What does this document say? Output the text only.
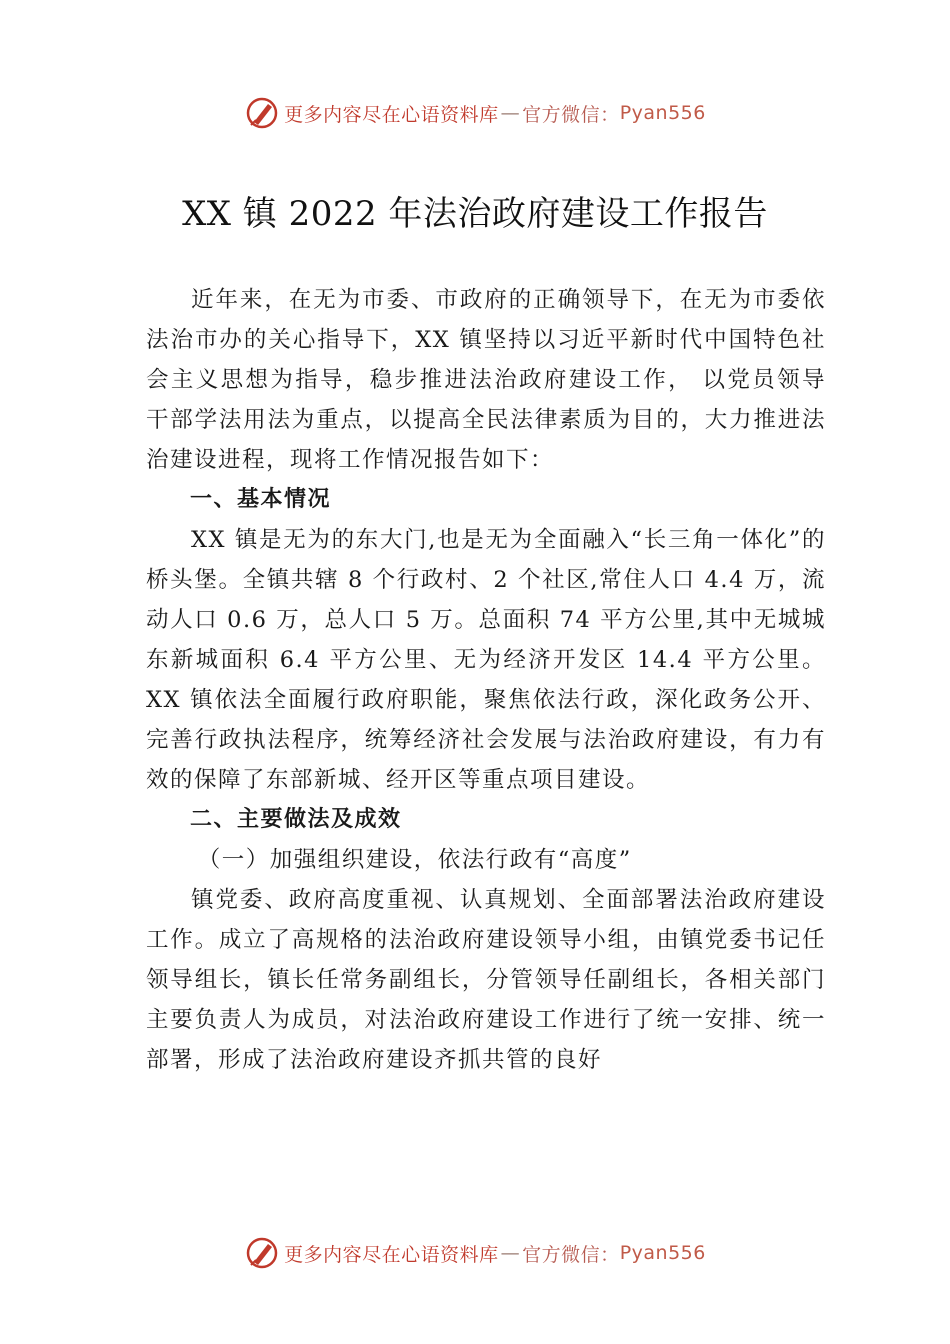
更多内容尽在心语资料库 — 官方微信： Pyan556
XX 镇 2022 年法治政府建设工作报告

近年来，在无为市委、市政府的正确领导下，在无为市委依法治市办的关心指导下，XX 镇坚持以习近平新时代中国特色社会主义思想为指导，稳步推进法治政府建设工作， 以党员领导干部学法用法为重点，以提高全民法律素质为目的，大力推进法治建设进程，现将工作情况报告如下：

一、基本情况

XX 镇是无为的东大门,也是无为全面融入“长三角一体化”的桥头堡。全镇共辖 8 个行政村、2 个社区,常住人口 4.4 万，流动人口 0.6 万，总人口 5 万。总面积 74 平方公里,其中无城城东新城面积 6.4 平方公里、无为经济开发区 14.4 平方公里。XX 镇依法全面履行政府职能，聚焦依法行政，深化政务公开、完善行政执法程序，统筹经济社会发展与法治政府建设，有力有效的保障了东部新城、经开区等重点项目建设。

二、主要做法及成效

（一）加强组织建设，依法行政有“高度”

镇党委、政府高度重视、认真规划、全面部署法治政府建设工作。成立了高规格的法治政府建设领导小组，由镇党委书记任领导组长，镇长任常务副组长，分管领导任副组长，各相关部门主要负责人为成员，对法治政府建设工作进行了统一安排、统一部署，形成了法治政府建设齐抓共管的良好

更多内容尽在心语资料库 — 官方微信： Pyan556
